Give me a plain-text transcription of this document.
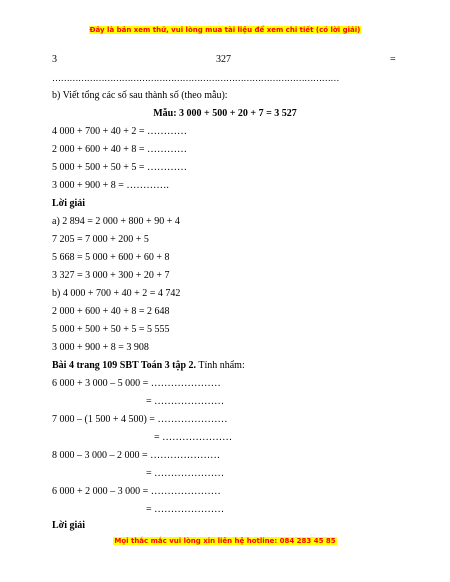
Đây là bản xem thử, vui lòng mua tài liệu để xem chi tiết (có lời giải)
3	327	=
………………………………………………………………………………………
b) Viết tổng các số sau thành số (theo mẫu):
Mẫu: 3 000 + 500 + 20 + 7 = 3 527
4 000 + 700 + 40 + 2 = …………
2 000 + 600 + 40 + 8 = …………
5 000 + 500 + 50 + 5 = …………
3 000 + 900 + 8 = ………….
Lời giải
a) 2 894 = 2 000 + 800 + 90 + 4
7 205 = 7 000 + 200 + 5
5 668 = 5 000 + 600 + 60 + 8
3 327 = 3 000 + 300 + 20 + 7
b) 4 000 + 700 + 40 + 2 = 4 742
2 000 + 600 + 40 + 8 = 2 648
5 000 + 500 + 50 + 5 = 5 555
3 000 + 900 + 8 = 3 908
Bài 4 trang 109 SBT Toán 3 tập 2. Tính nhẩm:
6 000 + 3 000 – 5 000 = …………………
= …………………
7 000 – (1 500 + 4 500) = …………………
= …………………
8 000 – 3 000 – 2 000 = …………………
= …………………
6 000 + 2 000 – 3 000 = …………………
= …………………
Lời giải
Mọi thắc mắc vui lòng xin liên hệ hotline: 084 283 45 85
